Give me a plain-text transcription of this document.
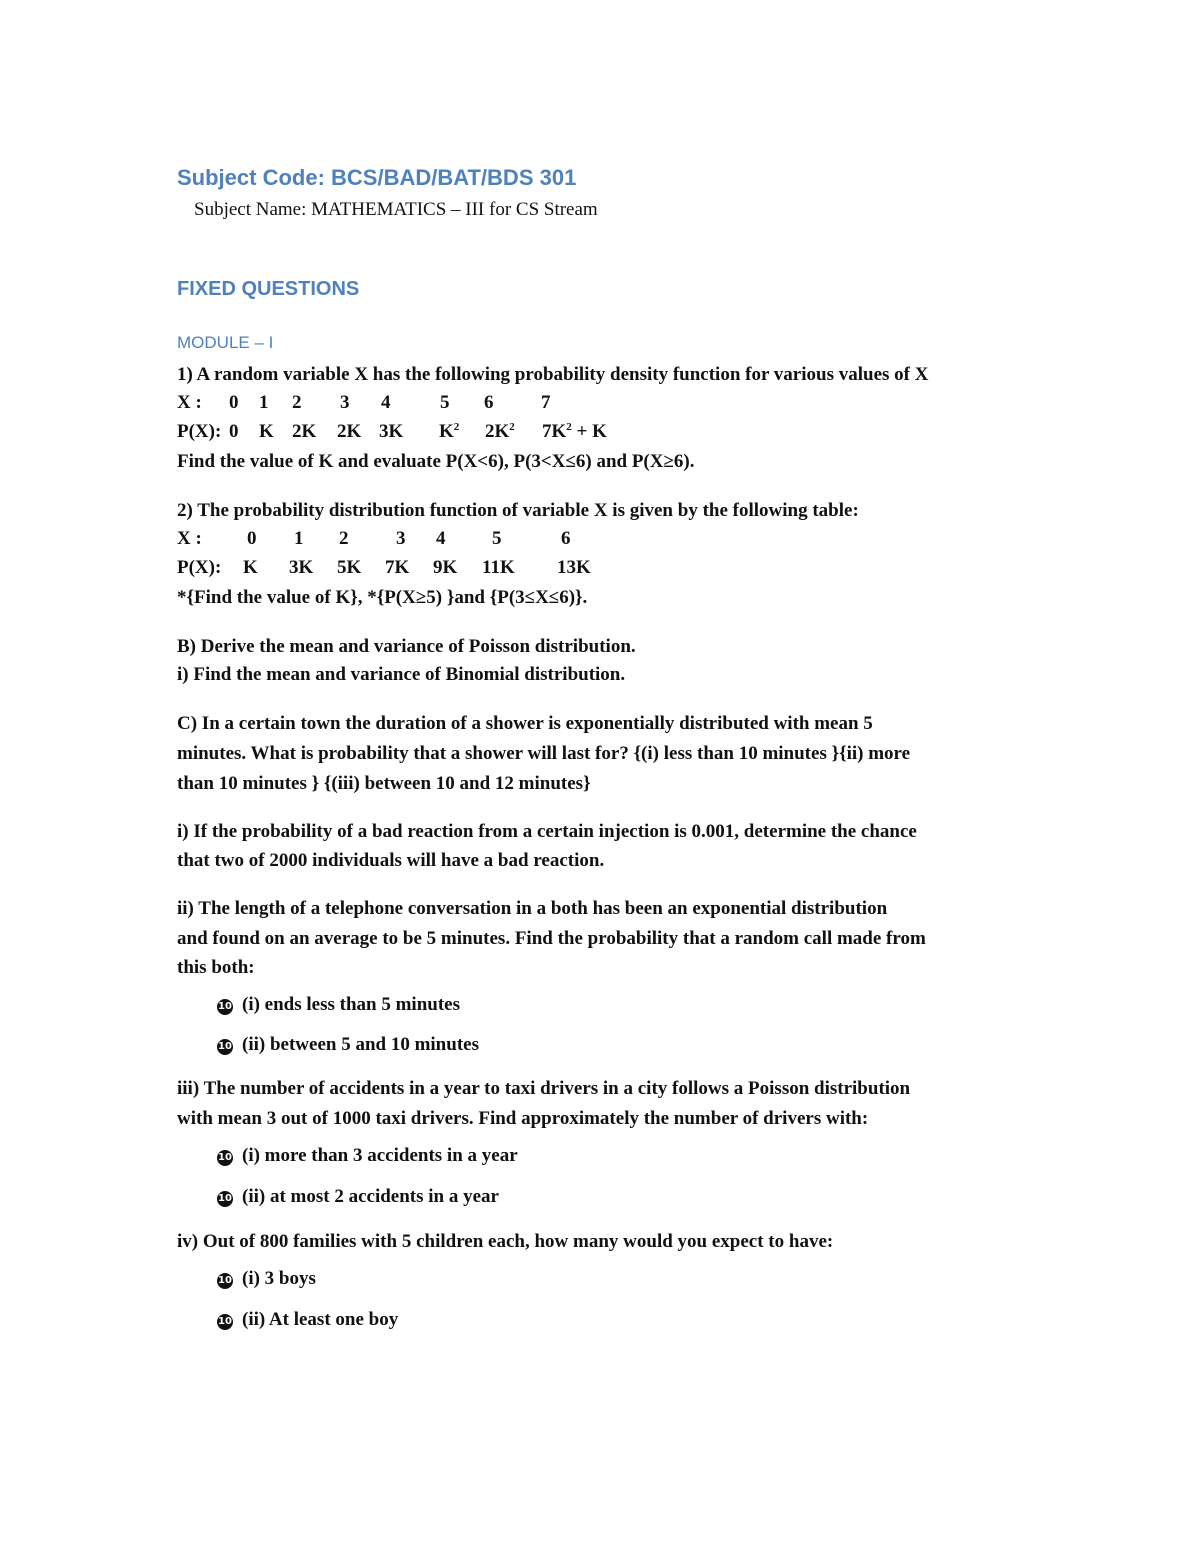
Subject Code: BCS/BAD/BAT/BDS 301
Subject Name: MATHEMATICS – III for CS Stream
FIXED QUESTIONS
MODULE – I
1) A random variable X has the following probability density function for various values of X
X : 0 1 2 3 4	5 6	7
P(X): 0 K 2K 2K 3K $K^2$ $2K^2$ $7K^2 + K$
Find the value of K and evaluate P(X<6), P(3<X≤6) and P(X≥6).
2) The probability distribution function of variable X is given by the following table:
X : 0 1 2	3 4 5	6
P(X): K 3K 5K 7K 9K 11K 13K
*{Find the value of K}, *{P(X≥5) }and {P(3≤X≤6)}.
B) Derive the mean and variance of Poisson distribution.
i) Find the mean and variance of Binomial distribution.
C) In a certain town the duration of a shower is exponentially distributed with mean 5
minutes. What is probability that a shower will last for? {(i) less than 10 minutes }{ii) more
than 10 minutes } {(iii) between 10 and 12 minutes}
i) If the probability of a bad reaction from a certain injection is 0.001, determine the chance
that two of 2000 individuals will have a bad reaction.
ii) The length of a telephone conversation in a both has been an exponential distribution
and found on an average to be 5 minutes. Find the probability that a random call made from
this both:
10 (i) ends less than 5 minutes
10 (ii) between 5 and 10 minutes
iii) The number of accidents in a year to taxi drivers in a city follows a Poisson distribution
with mean 3 out of 1000 taxi drivers. Find approximately the number of drivers with:
10 (i) more than 3 accidents in a year
10 (ii) at most 2 accidents in a year
iv) Out of 800 families with 5 children each, how many would you expect to have:
10 (i) 3 boys
10 (ii) At least one boy
